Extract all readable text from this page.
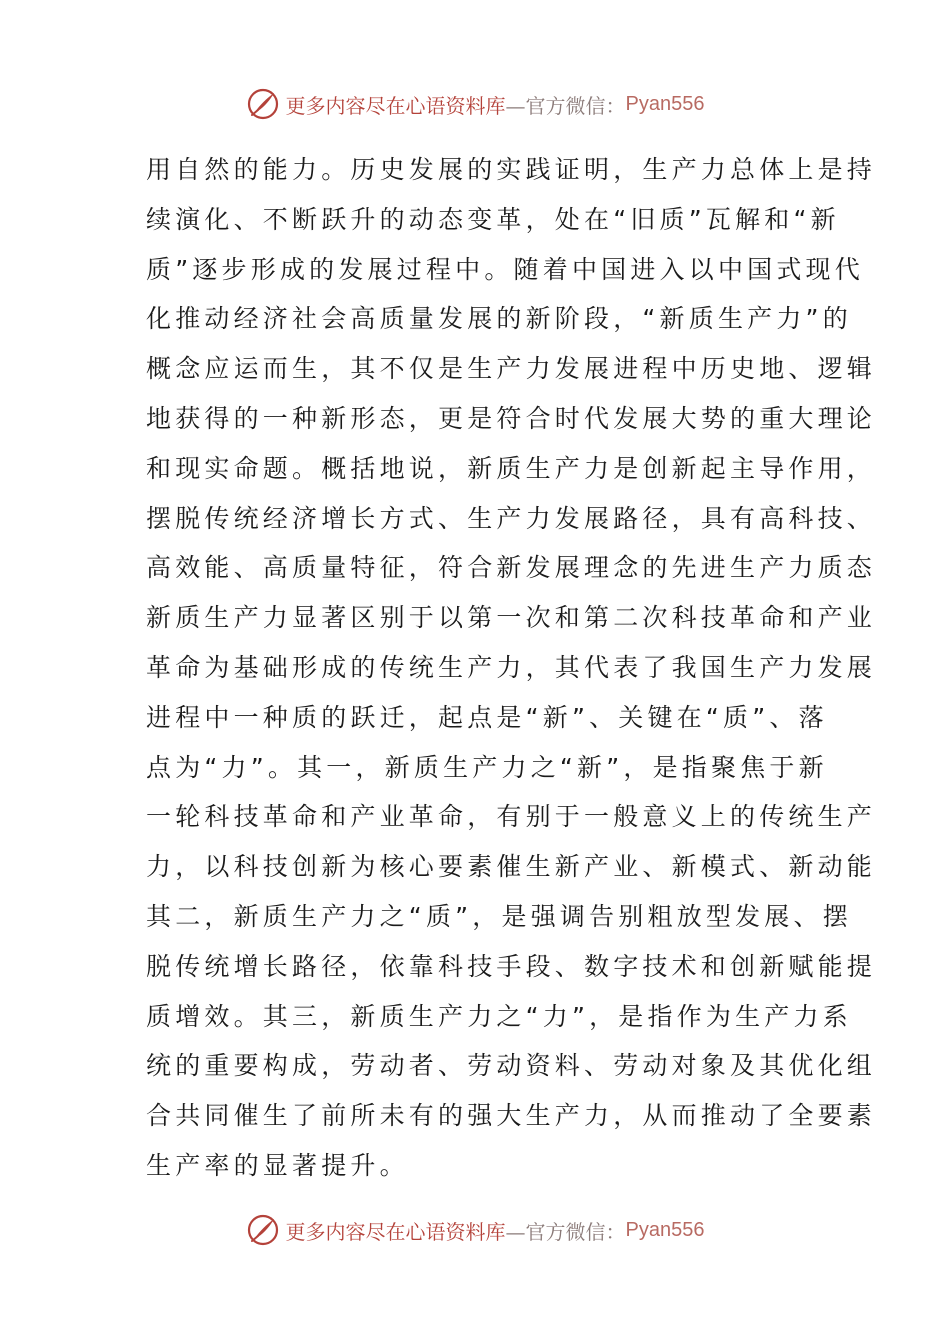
更多内容尽在心语资料库 —官方微信： Pyan556
用自然的能力。历史发展的实践证明，生产力总体上是持
续演化、不断跃升的动态变革，处在“旧质”瓦解和“新
质”逐步形成的发展过程中。随着中国进入以中国式现代
化推动经济社会高质量发展的新阶段，“新质生产力”的
概念应运而生，其不仅是生产力发展进程中历史地、逻辑
地获得的一种新形态，更是符合时代发展大势的重大理论
和现实命题。概括地说，新质生产力是创新起主导作用，
摆脱传统经济增长方式、生产力发展路径，具有高科技、
高效能、高质量特征，符合新发展理念的先进生产力质态
新质生产力显著区别于以第一次和第二次科技革命和产业
革命为基础形成的传统生产力，其代表了我国生产力发展
进程中一种质的跃迁，起点是“新”、关键在“质”、落
点为“力”。其一，新质生产力之“新”，是指聚焦于新
一轮科技革命和产业革命，有别于一般意义上的传统生产
力，以科技创新为核心要素催生新产业、新模式、新动能
其二，新质生产力之“质”，是强调告别粗放型发展、摆
脱传统增长路径，依靠科技手段、数字技术和创新赋能提
质增效。其三，新质生产力之“力”，是指作为生产力系
统的重要构成，劳动者、劳动资料、劳动对象及其优化组
合共同催生了前所未有的强大生产力，从而推动了全要素
生产率的显著提升。
更多内容尽在心语资料库 —官方微信： Pyan556
